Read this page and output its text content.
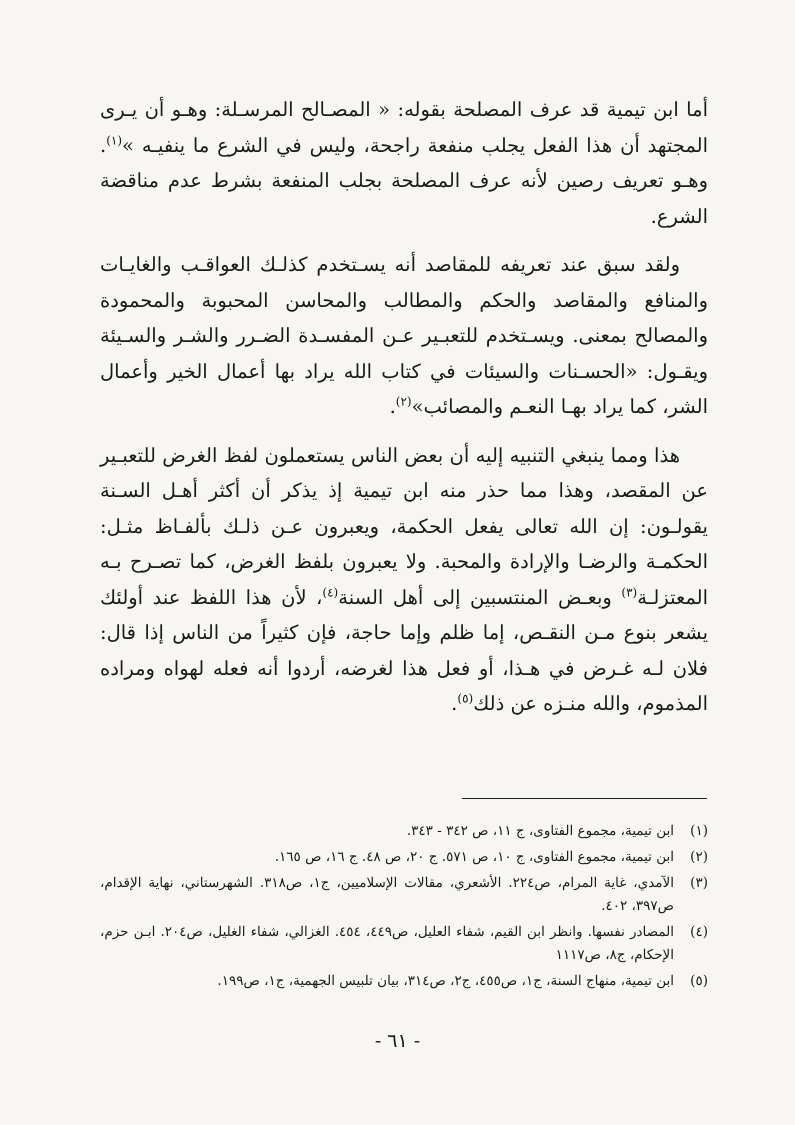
أما ابن تيمية قد عرف المصلحة بقوله: « المصـالح المرسـلة: وهـو أن يـرى المجتهد أن هذا الفعل يجلب منفعة راجحة، وليس في الشرع ما ينفيـه »$^{(١)}$. وهـو تعريف رصين لأنه عرف المصلحة بجلب المنفعة بشرط عدم مناقضة الشرع.

ولقد سبق عند تعريفه للمقاصد أنه يسـتخدم كذلـك العواقـب والغايـات والمنافع والمقاصد والحكم والمطالب والمحاسن المحبوبة والمحمودة والمصالح بمعنى. ويسـتخدم للتعبـير عـن المفسـدة الضـرر والشـر والسـيئة ويقـول: «الحسـنات والسيئات في كتاب الله يراد بها أعمال الخير وأعمال الشر، كما يراد بهـا النعـم والمصائب»$^{(٢)}$.

هذا ومما ينبغي التنبيه إليه أن بعض الناس يستعملون لفظ الغرض للتعبـير عن المقصد، وهذا مما حذر منه ابن تيمية إذ يذكر أن أكثر أهـل السـنة يقولـون: إن الله تعالى يفعل الحكمة، ويعبرون عـن ذلـك بألفـاظ مثـل: الحكمـة والرضـا والإرادة والمحبة. ولا يعبرون بلفظ الغرض، كما تصـرح بـه المعتزلـة$^{(٣)}$ وبعـض المنتسبين إلى أهل السنة$^{(٤)}$، لأن هذا اللفظ عند أولئك يشعر بنوع مـن النقـص، إما ظلم وإما حاجة، فإن كثيراً من الناس إذا قال: فلان لـه غـرض في هـذا، أو فعل هذا لغرضه، أردوا أنه فعله لهواه ومراده المذموم، والله منـزه عن ذلك$^{(٥)}$.

(١)
ابن تيمية، مجموع الفتاوى، ج ١١، ص ٣٤٢ - ٣٤٣.
(٢)
ابن تيمية، مجموع الفتاوى، ج ١٠، ص ٥٧١. ج ٢٠، ص ٤٨. ج ١٦، ص ١٦٥.
(٣)
الآمدي، غاية المرام، ص٢٢٤. الأشعري، مقالات الإسلاميين، ج١، ص٣١٨. الشهرستاني، نهاية الإقدام، ص٣٩٧، ٤٠٢.
(٤)
المصادر نفسها. وانظر ابن القيم، شفاء العليل، ص٤٤٩، ٤٥٤. الغزالي، شفاء الغليل، ص٢٠٤. ابـن حزم، الإحكام، ج٨، ص١١١٧
(٥)
ابن تيمية، منهاج السنة، ج١، ص٤٥٥، ج٢، ص٣١٤، بيان تلبيس الجهمية، ج١، ص١٩٩.
- ٦١ -
